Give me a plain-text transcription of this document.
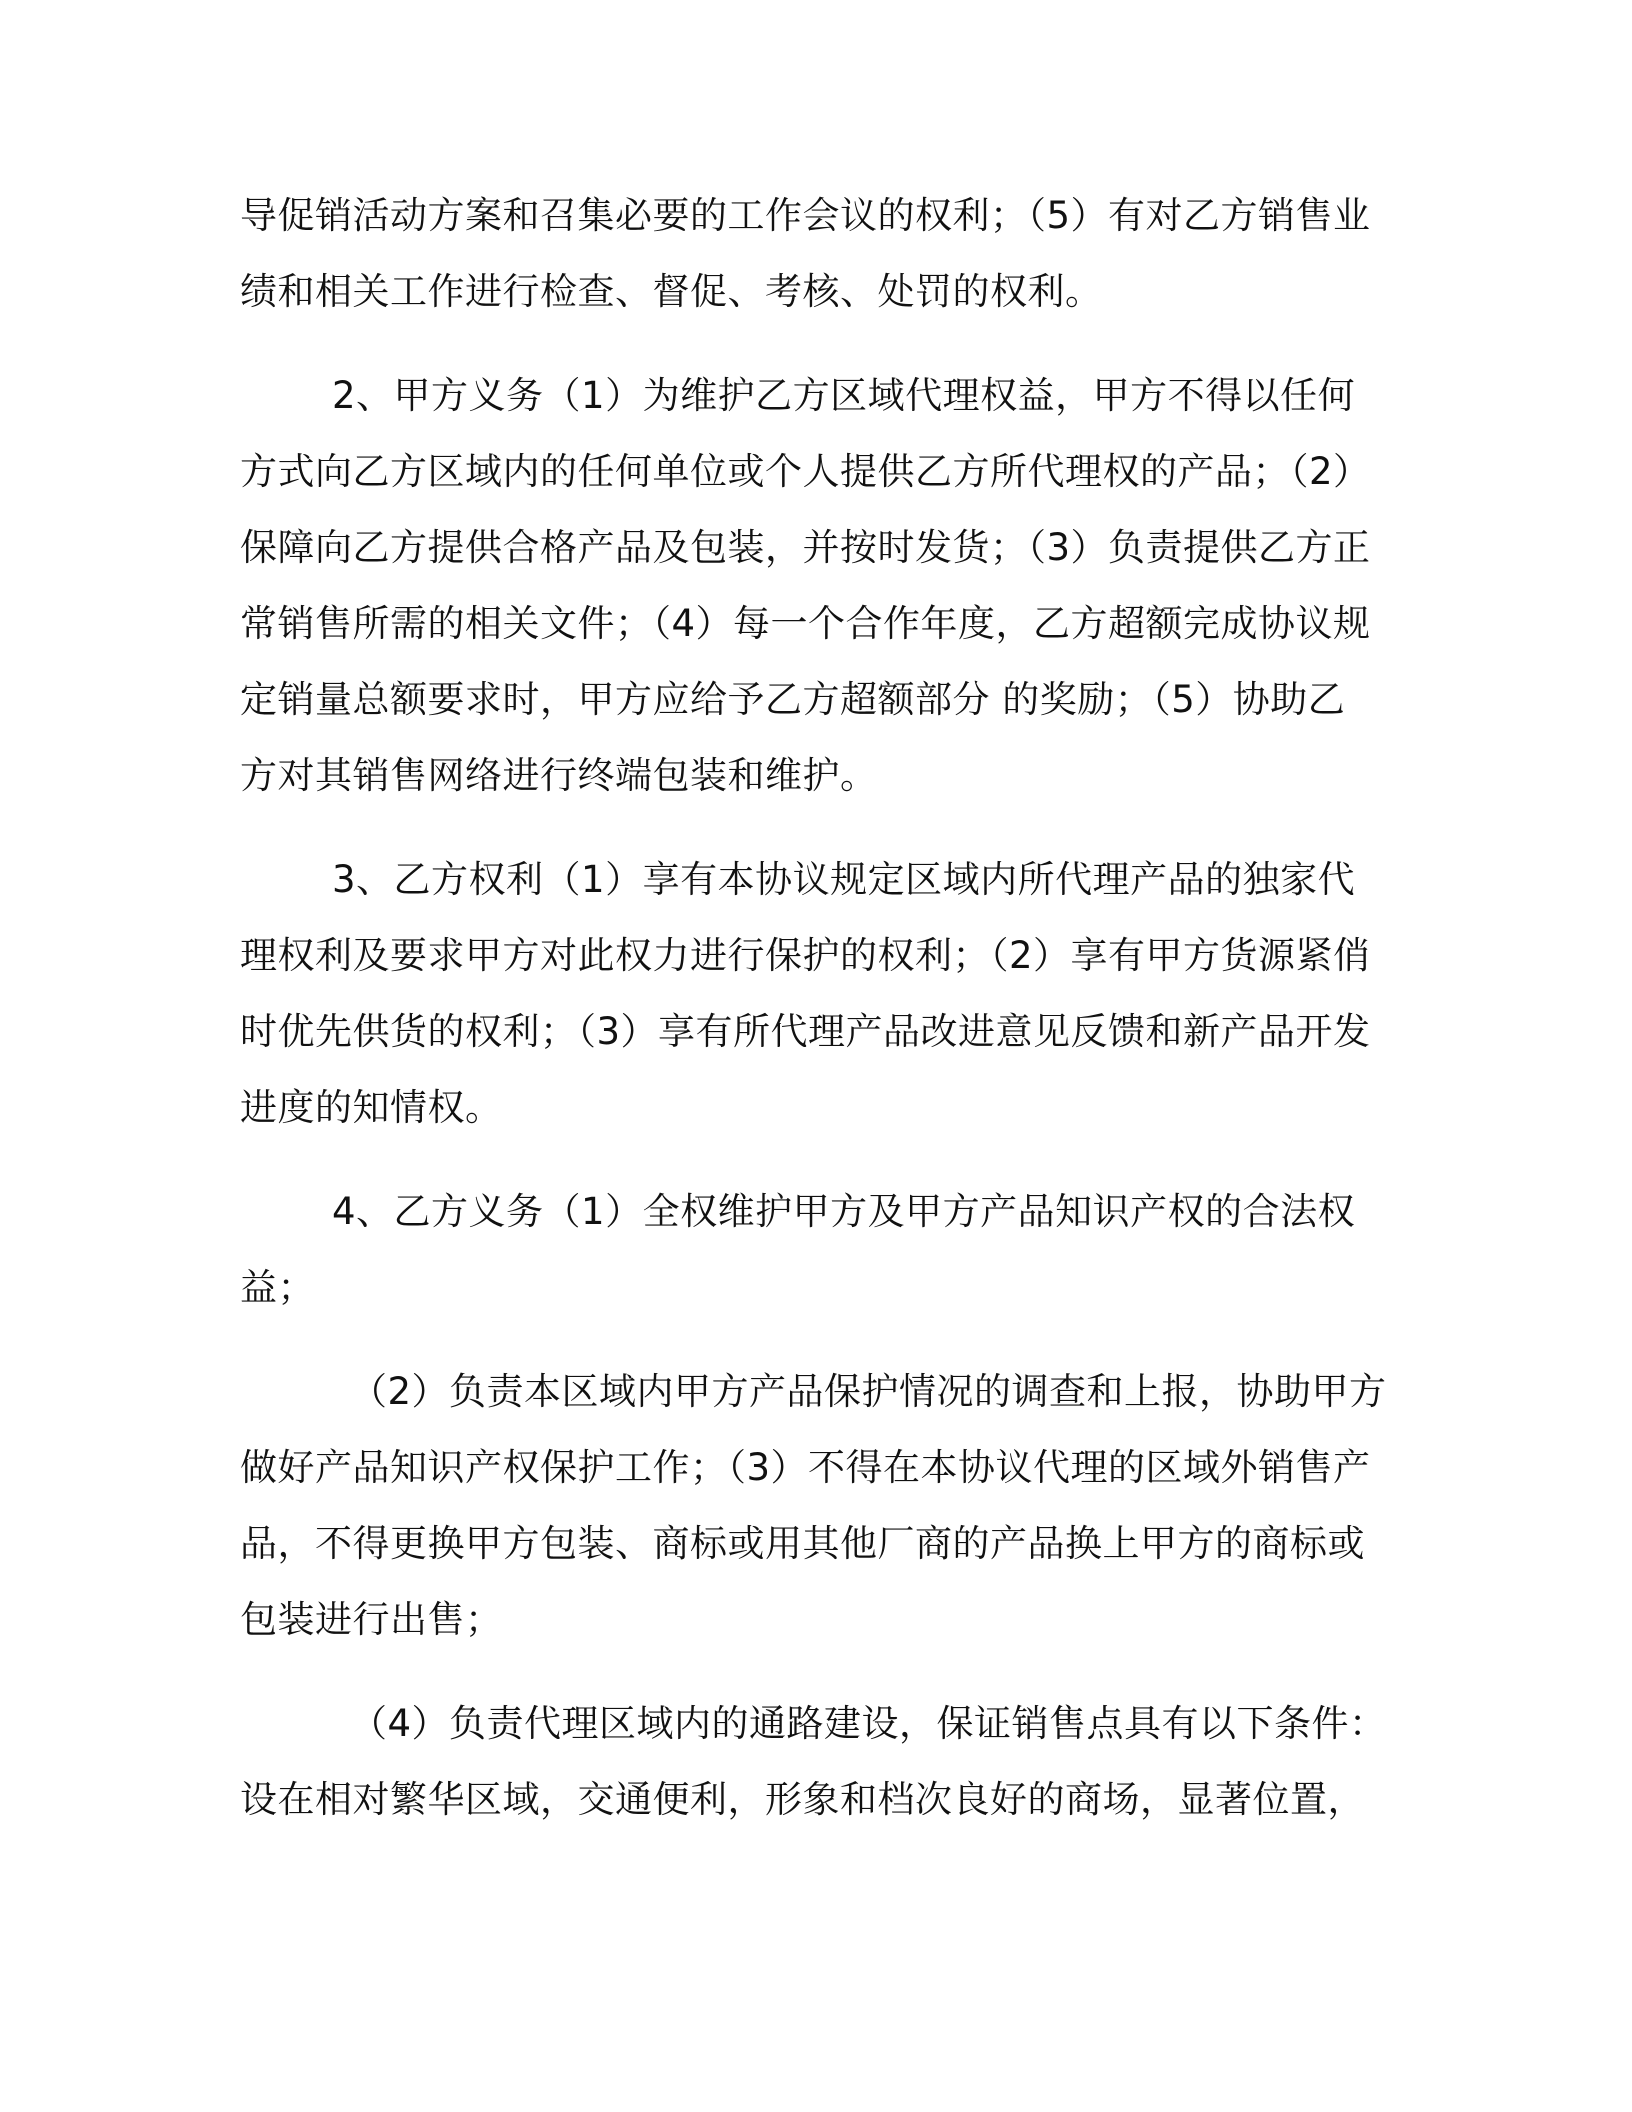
导促销活动方案和召集必要的工作会议的权利；（5）有对乙方销售业
绩和相关工作进行检查、督促、考核、处罚的权利。
2、甲方义务（1）为维护乙方区域代理权益，甲方不得以任何
方式向乙方区域内的任何单位或个人提供乙方所代理权的产品；（2）
保障向乙方提供合格产品及包装，并按时发货；（3）负责提供乙方正
常销售所需的相关文件；（4）每一个合作年度，乙方超额完成协议规
定销量总额要求时，甲方应给予乙方超额部分 的奖励；（5）协助乙
方对其销售网络进行终端包装和维护。
3、乙方权利（1）享有本协议规定区域内所代理产品的独家代
理权利及要求甲方对此权力进行保护的权利；（2）享有甲方货源紧俏
时优先供货的权利；（3）享有所代理产品改进意见反馈和新产品开发
进度的知情权。
4、乙方义务（1）全权维护甲方及甲方产品知识产权的合法权
益；
（2）负责本区域内甲方产品保护情况的调查和上报，协助甲方
做好产品知识产权保护工作；（3）不得在本协议代理的区域外销售产
品，不得更换甲方包装、商标或用其他厂商的产品换上甲方的商标或
包装进行出售；
（4）负责代理区域内的通路建设，保证销售点具有以下条件：
设在相对繁华区域，交通便利，形象和档次良好的商场，显著位置，
